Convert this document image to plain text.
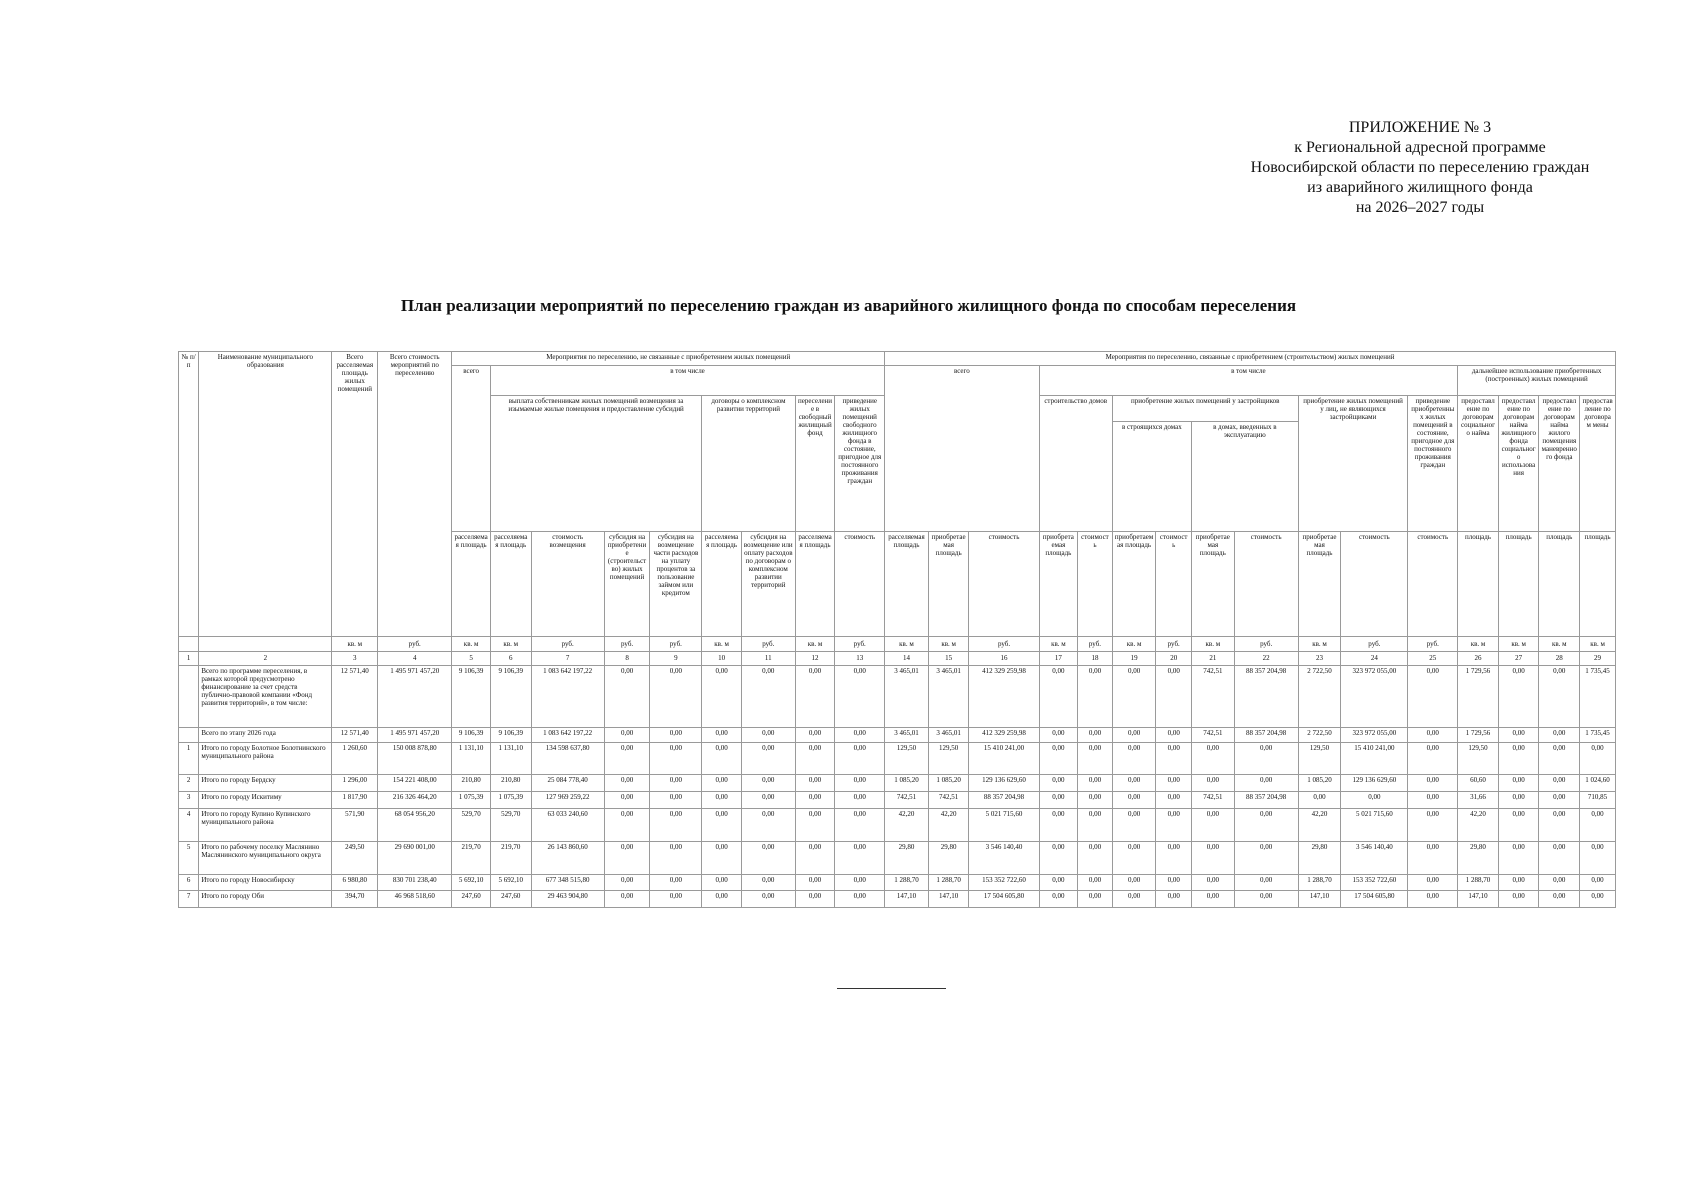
ПРИЛОЖЕНИЕ № 3
к Региональной адресной программе
Новосибирской области по переселению граждан
из аварийного жилищного фонда
на 2026–2027 годы
План реализации мероприятий по переселению граждан из аварийного жилищного фонда по способам переселения
№ п/п	Наименование муниципального образования	Всего расселяемая площадь жилых помещений	Всего стоимость мероприятий по переселению	Мероприятия по переселению, не связанные с приобретением жилых помещений									Мероприятия по переселению, связанные с приобретением (строительством) жилых помещений															
				всего	в том числе								всего			в том числе									дальнейшее использование приобретенных (построенных) жилых помещений			
					выплата собственникам жилых помещений возмещения за изымаемые жилые помещения и предоставление субсидий				договоры о комплексном развитии территорий		переселение в свободный жилищный фонд	приведение жилых помещений свободного жилищного фонда в состояние, пригодное для постоянного проживания граждан				строительство домов		приобретение жилых помещений у застройщиков				приобретение жилых помещений у лиц, не являющихся застройщиками		приведение приобретенных жилых помещений в состояние, пригодное для постоянного проживания граждан	предоставление по договорам социального найма	предоставление по договорам найма жилищного фонда социального использования	предоставление по договорам найма жилого помещения маневренного фонда	предоставление по договорам мены
																		в строящихся домах		в домах, введенных в эксплуатацию								
				расселяемая площадь	расселяемая площадь	стоимость возмещения	субсидия на приобретение (строительство) жилых помещений	субсидия на возмещение части расходов на уплату процентов за пользование займом или кредитом	расселяемая площадь	субсидия на возмещение или оплату расходов по договорам о комплексном развитии территорий	расселяемая площадь	стоимость	расселяемая площадь	приобретаемая площадь	стоимость	приобретаемая площадь	стоимость	приобретаемая площадь	стоимость	приобретаемая площадь	стоимость	приобретаемая площадь	стоимость	стоимость	площадь	площадь	площадь	площадь
		кв. м	руб.	кв. м	кв. м	руб.	руб.	руб.	кв. м	руб.	кв. м	руб.	кв. м	кв. м	руб.	кв. м	руб.	кв. м	руб.	кв. м	руб.	кв. м	руб.	руб.	кв. м	кв. м	кв. м	кв. м
1	2	3	4	5	6	7	8	9	10	11	12	13	14	15	16	17	18	19	20	21	22	23	24	25	26	27	28	29
	Всего по программе переселения, в рамках которой предусмотрено финансирование за счет средств публично-правовой компании «Фонд развития территорий», в том числе:	12 571,40	1 495 971 457,20	9 106,39	9 106,39	1 083 642 197,22	0,00	0,00	0,00	0,00	0,00	0,00	3 465,01	3 465,01	412 329 259,98	0,00	0,00	0,00	0,00	742,51	88 357 204,98	2 722,50	323 972 055,00	0,00	1 729,56	0,00	0,00	1 735,45
	Всего по этапу 2026 года	12 571,40	1 495 971 457,20	9 106,39	9 106,39	1 083 642 197,22	0,00	0,00	0,00	0,00	0,00	0,00	3 465,01	3 465,01	412 329 259,98	0,00	0,00	0,00	0,00	742,51	88 357 204,98	2 722,50	323 972 055,00	0,00	1 729,56	0,00	0,00	1 735,45
1	Итого по городу Болотное Болотнинского муниципального района	1 260,60	150 008 878,80	1 131,10	1 131,10	134 598 637,80	0,00	0,00	0,00	0,00	0,00	0,00	129,50	129,50	15 410 241,00	0,00	0,00	0,00	0,00	0,00	0,00	129,50	15 410 241,00	0,00	129,50	0,00	0,00	0,00
2	Итого по городу Бердску	1 296,00	154 221 408,00	210,80	210,80	25 084 778,40	0,00	0,00	0,00	0,00	0,00	0,00	1 085,20	1 085,20	129 136 629,60	0,00	0,00	0,00	0,00	0,00	0,00	1 085,20	129 136 629,60	0,00	60,60	0,00	0,00	1 024,60
3	Итого по городу Искитиму	1 817,90	216 326 464,20	1 075,39	1 075,39	127 969 259,22	0,00	0,00	0,00	0,00	0,00	0,00	742,51	742,51	88 357 204,98	0,00	0,00	0,00	0,00	742,51	88 357 204,98	0,00	0,00	0,00	31,66	0,00	0,00	710,85
4	Итого по городу Купино Купинского муниципального района	571,90	68 054 956,20	529,70	529,70	63 033 240,60	0,00	0,00	0,00	0,00	0,00	0,00	42,20	42,20	5 021 715,60	0,00	0,00	0,00	0,00	0,00	0,00	42,20	5 021 715,60	0,00	42,20	0,00	0,00	0,00
5	Итого по рабочему поселку Маслянино Маслянинского муниципального округа	249,50	29 690 001,00	219,70	219,70	26 143 860,60	0,00	0,00	0,00	0,00	0,00	0,00	29,80	29,80	3 546 140,40	0,00	0,00	0,00	0,00	0,00	0,00	29,80	3 546 140,40	0,00	29,80	0,00	0,00	0,00
6	Итого по городу Новосибирску	6 980,80	830 701 238,40	5 692,10	5 692,10	677 348 515,80	0,00	0,00	0,00	0,00	0,00	0,00	1 288,70	1 288,70	153 352 722,60	0,00	0,00	0,00	0,00	0,00	0,00	1 288,70	153 352 722,60	0,00	1 288,70	0,00	0,00	0,00
7	Итого по городу Оби	394,70	46 968 518,60	247,60	247,60	29 463 904,80	0,00	0,00	0,00	0,00	0,00	0,00	147,10	147,10	17 504 605,80	0,00	0,00	0,00	0,00	0,00	0,00	147,10	17 504 605,80	0,00	147,10	0,00	0,00	0,00
